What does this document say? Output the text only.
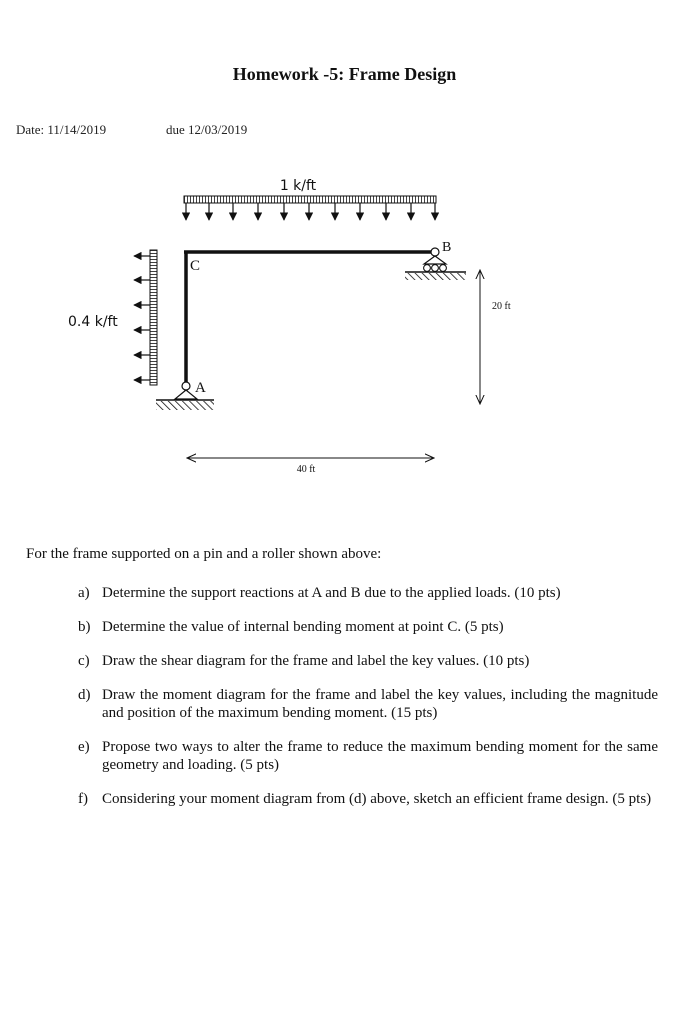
Homework -5: Frame Design
Date: 11/14/2019	due 12/03/2019
1 k/ft
0.4 k/ft
C
B
A
20 ft
40 ft
For the frame supported on a pin and a roller shown above:
a) Determine the support reactions at A and B due to the applied loads. (10 pts)
b) Determine the value of internal bending moment at point C. (5 pts)
c) Draw the shear diagram for the frame and label the key values. (10 pts)
d) Draw the moment diagram for the frame and label the key values, including the magnitude and position of the maximum bending moment. (15 pts)
e) Propose two ways to alter the frame to reduce the maximum bending moment for the same geometry and loading. (5 pts)
f) Considering your moment diagram from (d) above, sketch an efficient frame design. (5 pts)
